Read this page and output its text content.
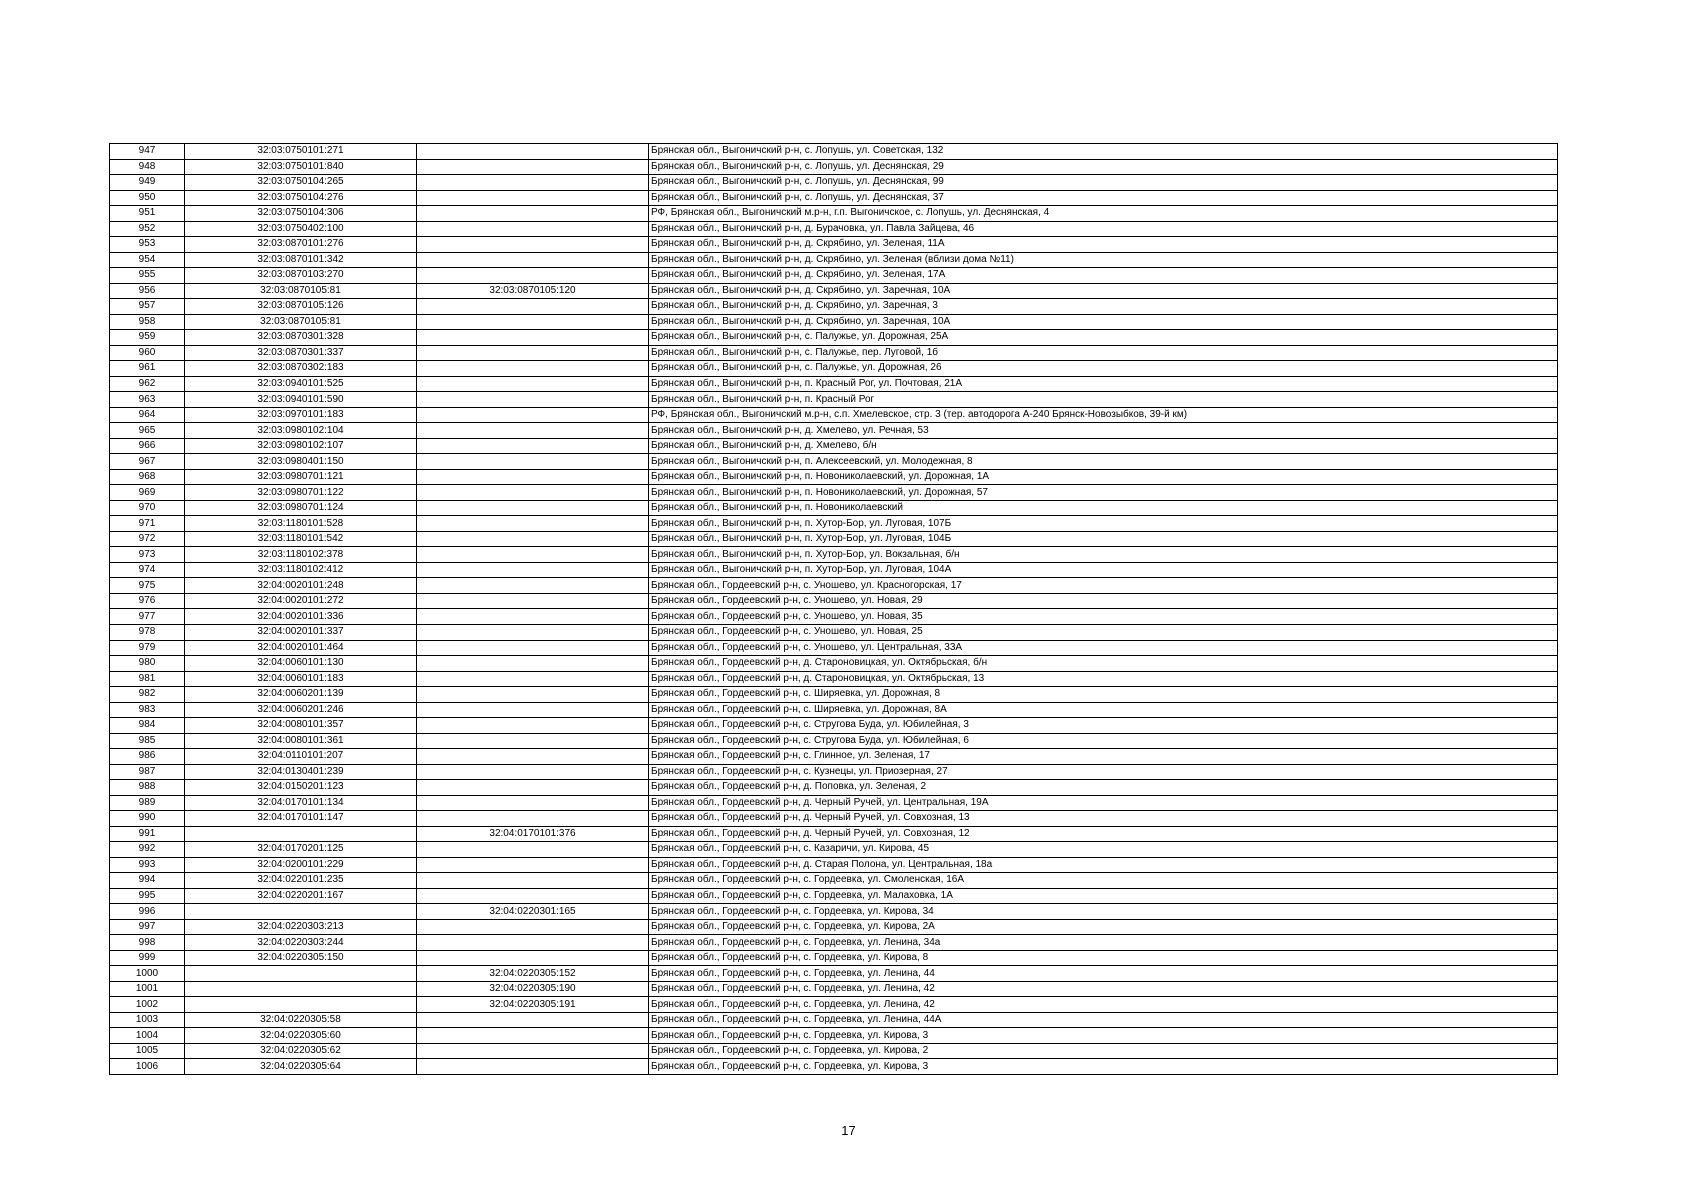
947	32:03:0750101:271		Брянская обл., Выгоничский р-н, с. Лопушь, ул. Советская, 132
948	32:03:0750101:840		Брянская обл., Выгоничский р-н, с. Лопушь, ул. Деснянская, 29
949	32:03:0750104:265		Брянская обл., Выгоничский р-н, с. Лопушь, ул. Деснянская, 99
950	32:03:0750104:276		Брянская обл., Выгоничский р-н, с. Лопушь, ул. Деснянская, 37
951	32:03:0750104:306		РФ, Брянская обл., Выгоничский м.р-н, г.п. Выгоничское, с. Лопушь, ул. Деснянская, 4
952	32:03:0750402:100		Брянская обл., Выгоничский р-н, д. Бурачовка, ул. Павла Зайцева, 46
953	32:03:0870101:276		Брянская обл., Выгоничский р-н, д. Скрябино, ул. Зеленая, 11А
954	32:03:0870101:342		Брянская обл., Выгоничский р-н, д. Скрябино, ул. Зеленая (вблизи дома №11)
955	32:03:0870103:270		Брянская обл., Выгоничский р-н, д. Скрябино, ул. Зеленая, 17А
956	32:03:0870105:81	32:03:0870105:120	Брянская обл., Выгоничский р-н, д. Скрябино, ул. Заречная, 10А
957	32:03:0870105:126		Брянская обл., Выгоничский р-н, д. Скрябино, ул. Заречная, 3
958	32:03:0870105:81		Брянская обл., Выгоничский р-н, д. Скрябино, ул. Заречная, 10А
959	32:03:0870301:328		Брянская обл., Выгоничский р-н, с. Палужье, ул. Дорожная, 25А
960	32:03:0870301:337		Брянская обл., Выгоничский р-н, с. Палужье, пер. Луговой, 1б
961	32:03:0870302:183		Брянская обл., Выгоничский р-н, с. Палужье, ул. Дорожная, 26
962	32:03:0940101:525		Брянская обл., Выгоничский р-н, п. Красный Рог, ул. Почтовая, 21А
963	32:03:0940101:590		Брянская обл., Выгоничский р-н, п. Красный Рог
964	32:03:0970101:183		РФ, Брянская обл., Выгоничский м.р-н, с.п. Хмелевское, стр. 3 (тер. автодорога А-240 Брянск-Новозыбков, 39-й км)
965	32:03:0980102:104		Брянская обл., Выгоничский р-н, д. Хмелево, ул. Речная, 53
966	32:03:0980102:107		Брянская обл., Выгоничский р-н, д. Хмелево, б/н
967	32:03:0980401:150		Брянская обл., Выгоничский р-н, п. Алексеевский, ул. Молодежная, 8
968	32:03:0980701:121		Брянская обл., Выгоничский р-н, п. Новониколаевский, ул. Дорожная, 1А
969	32:03:0980701:122		Брянская обл., Выгоничский р-н, п. Новониколаевский, ул. Дорожная, 57
970	32:03:0980701:124		Брянская обл., Выгоничский р-н, п. Новониколаевский
971	32:03:1180101:528		Брянская обл., Выгоничский р-н, п. Хутор-Бор, ул. Луговая, 107Б
972	32:03:1180101:542		Брянская обл., Выгоничский р-н, п. Хутор-Бор, ул. Луговая, 104Б
973	32:03:1180102:378		Брянская обл., Выгоничский р-н, п. Хутор-Бор, ул. Вокзальная, б/н
974	32:03:1180102:412		Брянская обл., Выгоничский р-н, п. Хутор-Бор, ул. Луговая, 104А
975	32:04:0020101:248		Брянская обл., Гордеевский р-н, с. Уношево, ул. Красногорская, 17
976	32:04:0020101:272		Брянская обл., Гордеевский р-н, с. Уношево, ул. Новая, 29
977	32:04:0020101:336		Брянская обл., Гордеевский р-н, с. Уношево, ул. Новая, 35
978	32:04:0020101:337		Брянская обл., Гордеевский р-н, с. Уношево, ул. Новая, 25
979	32:04:0020101:464		Брянская обл., Гордеевский р-н, с. Уношево, ул. Центральная, 33А
980	32:04:0060101:130		Брянская обл., Гордеевский р-н, д. Староновицкая, ул. Октябрьская, б/н
981	32:04:0060101:183		Брянская обл., Гордеевский р-н, д. Староновицкая, ул. Октябрьская, 13
982	32:04:0060201:139		Брянская обл., Гордеевский р-н, с. Ширяевка, ул. Дорожная, 8
983	32:04:0060201:246		Брянская обл., Гордеевский р-н, с. Ширяевка, ул. Дорожная, 8А
984	32:04:0080101:357		Брянская обл., Гордеевский р-н, с. Стругова Буда, ул. Юбилейная, 3
985	32:04:0080101:361		Брянская обл., Гордеевский р-н, с. Стругова Буда, ул. Юбилейная, 6
986	32:04:0110101:207		Брянская обл., Гордеевский р-н, с. Глинное, ул. Зеленая, 17
987	32:04:0130401:239		Брянская обл., Гордеевский р-н, с. Кузнецы, ул. Приозерная, 27
988	32:04:0150201:123		Брянская обл., Гордеевский р-н, д. Поповка, ул. Зеленая, 2
989	32:04:0170101:134		Брянская обл., Гордеевский р-н, д. Черный Ручей, ул. Центральная, 19А
990	32:04:0170101:147		Брянская обл., Гордеевский р-н, д. Черный Ручей, ул. Совхозная, 13
991		32:04:0170101:376	Брянская обл., Гордеевский р-н, д. Черный Ручей, ул. Совхозная, 12
992	32:04:0170201:125		Брянская обл., Гордеевский р-н, с. Казаричи, ул. Кирова, 45
993	32:04:0200101:229		Брянская обл., Гордеевский р-н, д. Старая Полона, ул. Центральная, 18а
994	32:04:0220101:235		Брянская обл., Гордеевский р-н, с. Гордеевка, ул. Смоленская, 16А
995	32:04:0220201:167		Брянская обл., Гордеевский р-н, с. Гордеевка, ул. Малаховка, 1А
996		32:04:0220301:165	Брянская обл., Гордеевский р-н, с. Гордеевка, ул. Кирова, 34
997	32:04:0220303:213		Брянская обл., Гордеевский р-н, с. Гордеевка, ул. Кирова, 2А
998	32:04:0220303:244		Брянская обл., Гордеевский р-н, с. Гордеевка, ул. Ленина, 34а
999	32:04:0220305:150		Брянская обл., Гордеевский р-н, с. Гордеевка, ул. Кирова, 8
1000		32:04:0220305:152	Брянская обл., Гордеевский р-н, с. Гордеевка, ул. Ленина, 44
1001		32:04:0220305:190	Брянская обл., Гордеевский р-н, с. Гордеевка, ул. Ленина, 42
1002		32:04:0220305:191	Брянская обл., Гордеевский р-н, с. Гордеевка, ул. Ленина, 42
1003	32:04:0220305:58		Брянская обл., Гордеевский р-н, с. Гордеевка, ул. Ленина, 44А
1004	32:04:0220305:60		Брянская обл., Гордеевский р-н, с. Гордеевка, ул. Кирова, 3
1005	32:04:0220305:62		Брянская обл., Гордеевский р-н, с. Гордеевка, ул. Кирова, 2
1006	32:04:0220305:64		Брянская обл., Гордеевский р-н, с. Гордеевка, ул. Кирова, 3
17
